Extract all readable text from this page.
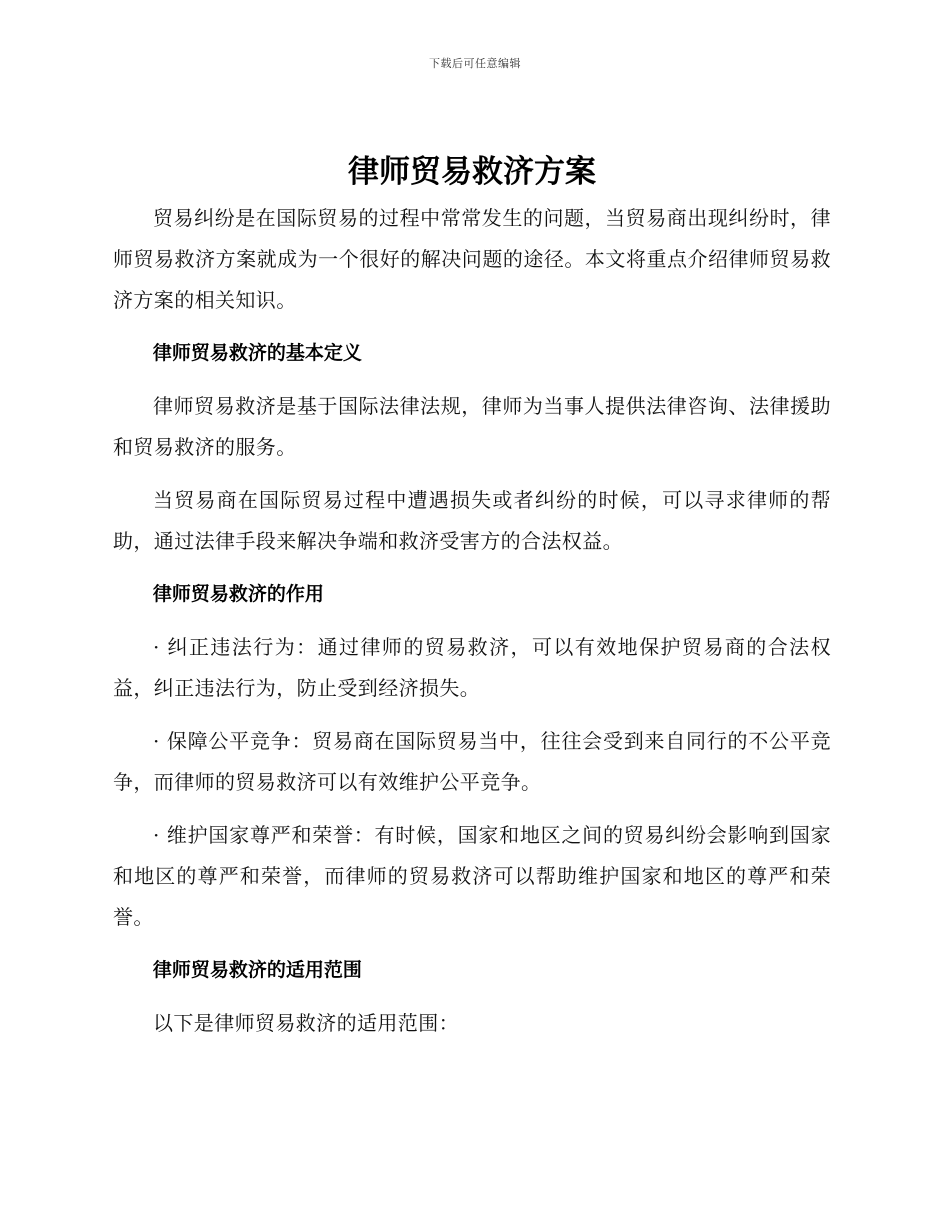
下载后可任意编辑
律师贸易救济方案

贸易纠纷是在国际贸易的过程中常常发生的问题，当贸易商出现纠纷时，律师贸易救济方案就成为一个很好的解决问题的途径。本文将重点介绍律师贸易救济方案的相关知识。

律师贸易救济的基本定义

律师贸易救济是基于国际法律法规，律师为当事人提供法律咨询、法律援助和贸易救济的服务。

当贸易商在国际贸易过程中遭遇损失或者纠纷的时候，可以寻求律师的帮助，通过法律手段来解决争端和救济受害方的合法权益。

律师贸易救济的作用

· 纠正违法行为：通过律师的贸易救济，可以有效地保护贸易商的合法权益，纠正违法行为，防止受到经济损失。

· 保障公平竞争：贸易商在国际贸易当中，往往会受到来自同行的不公平竞争，而律师的贸易救济可以有效维护公平竞争。

· 维护国家尊严和荣誉：有时候，国家和地区之间的贸易纠纷会影响到国家和地区的尊严和荣誉，而律师的贸易救济可以帮助维护国家和地区的尊严和荣誉。

律师贸易救济的适用范围

以下是律师贸易救济的适用范围：
